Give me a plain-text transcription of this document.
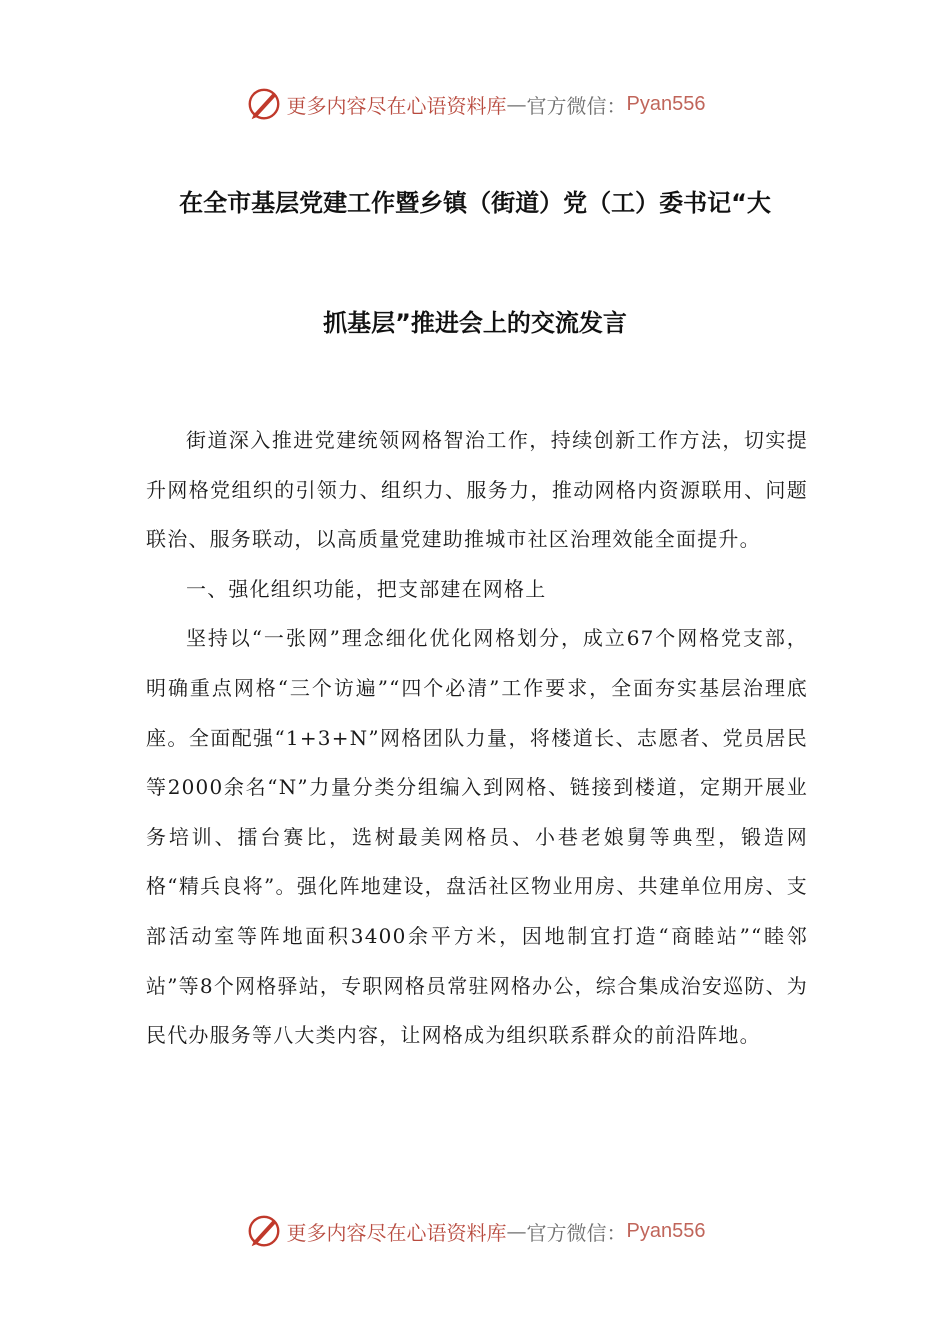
更多内容尽在心语资料库 — 官方微信： Pyan556
在全市基层党建工作暨乡镇（街道）党（工）委书记“大
抓基层”推进会上的交流发言

街道深入推进党建统领网格智治工作，持续创新工作方法，切实提升网格党组织的引领力、组织力、服务力，推动网格内资源联用、问题联治、服务联动，以高质量党建助推城市社区治理效能全面提升。

一、强化组织功能，把支部建在网格上

坚持以“一张网”理念细化优化网格划分，成立67个网格党支部，明确重点网格“三个访遍”“四个必清”工作要求，全面夯实基层治理底座。全面配强“1+3+N”网格团队力量，将楼道长、志愿者、党员居民等2000余名“N”力量分类分组编入到网格、链接到楼道，定期开展业务培训、擂台赛比，选树最美网格员、小巷老娘舅等典型，锻造网格“精兵良将”。强化阵地建设，盘活社区物业用房、共建单位用房、支部活动室等阵地面积3400余平方米，因地制宜打造“商睦站”“睦邻站”等8个网格驿站，专职网格员常驻网格办公，综合集成治安巡防、为民代办服务等八大类内容，让网格成为组织联系群众的前沿阵地。

更多内容尽在心语资料库 — 官方微信： Pyan556
